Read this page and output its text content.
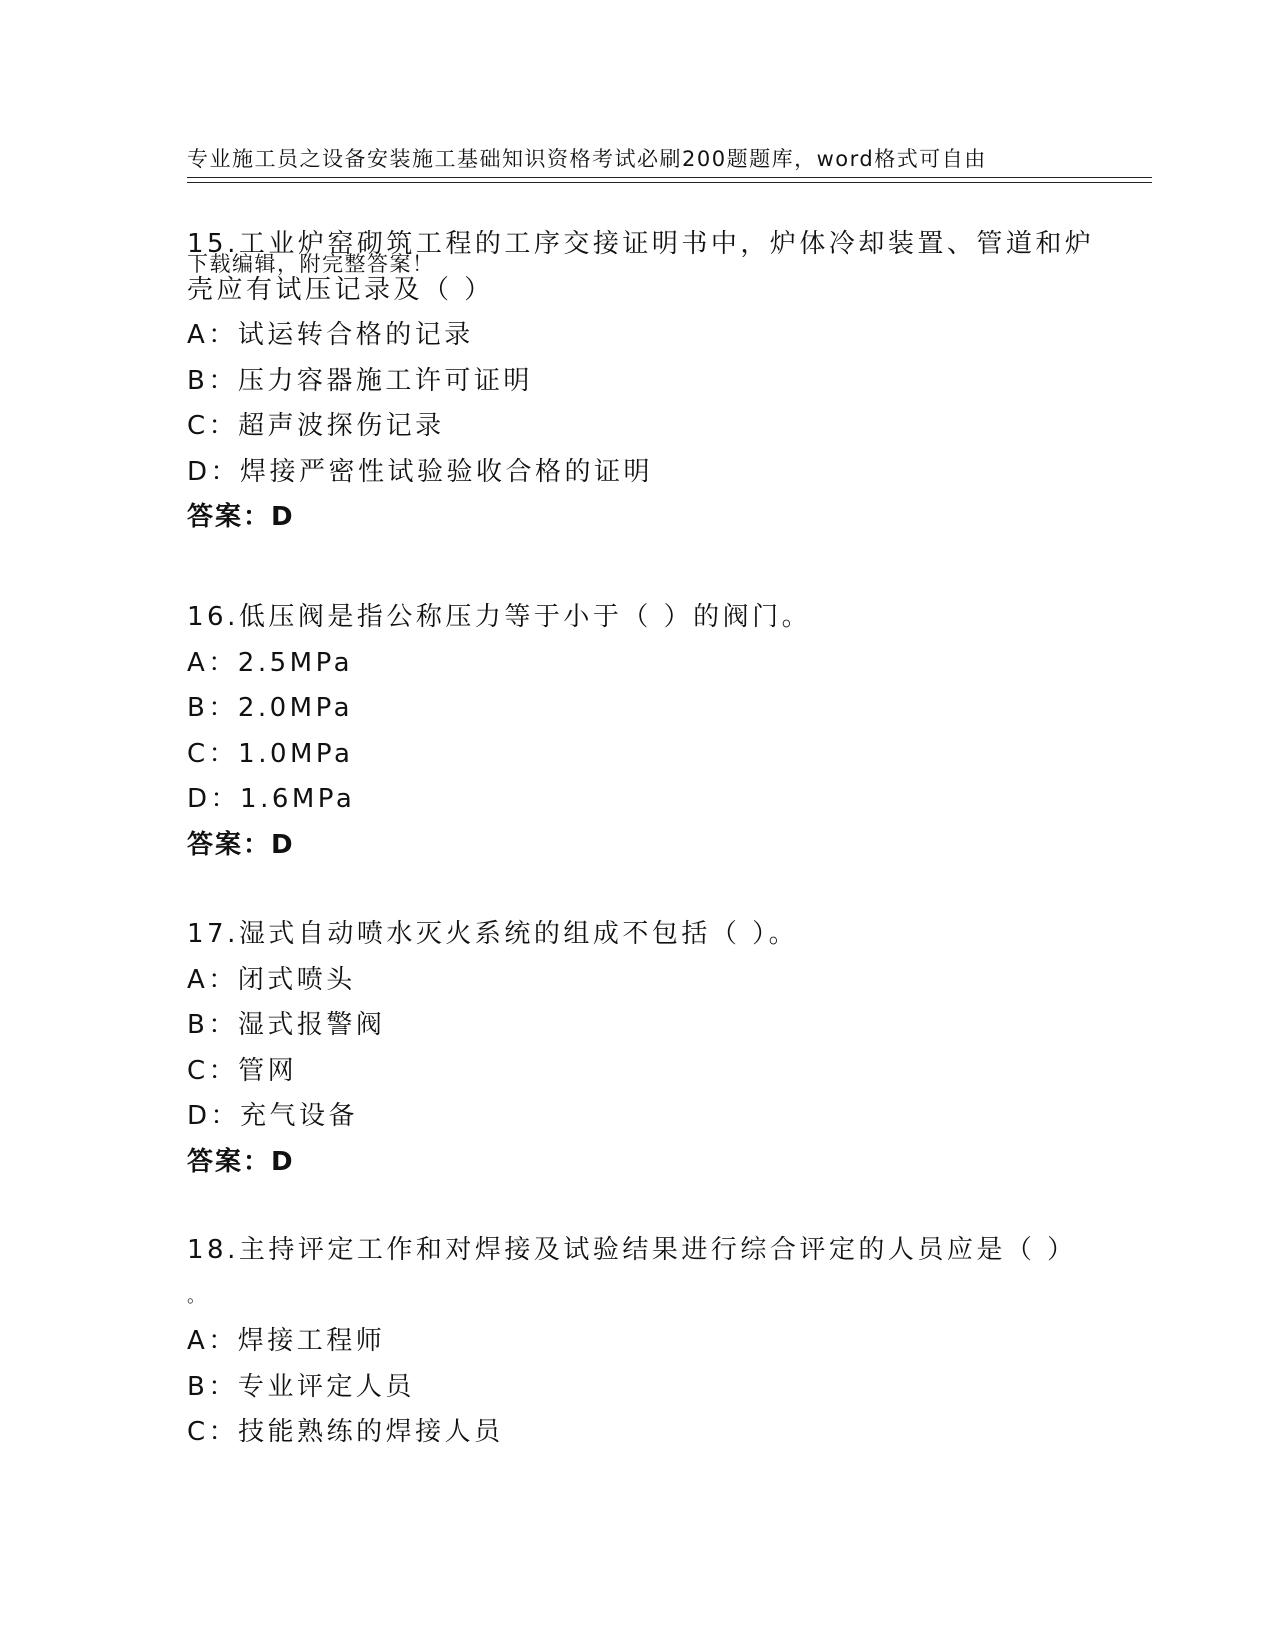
专业施工员之设备安装施工基础知识资格考试必刷200题题库，word格式可自由

下载编辑，附完整答案！

15.工业炉窑砌筑工程的工序交接证明书中，炉体冷却装置、管道和炉
壳应有试压记录及（ ）
A：试运转合格的记录
B：压力容器施工许可证明
C：超声波探伤记录
D：焊接严密性试验验收合格的证明
答案：D
16.低压阀是指公称压力等于小于（ ）的阀门。
A：2.5MPa
B：2.0MPa
C：1.0MPa
D：1.6MPa
答案：D
17.湿式自动喷水灭火系统的组成不包括（ ）。
A：闭式喷头
B：湿式报警阀
C：管网
D：充气设备
答案：D
18.主持评定工作和对焊接及试验结果进行综合评定的人员应是（ ）
。
A：焊接工程师
B：专业评定人员
C：技能熟练的焊接人员
